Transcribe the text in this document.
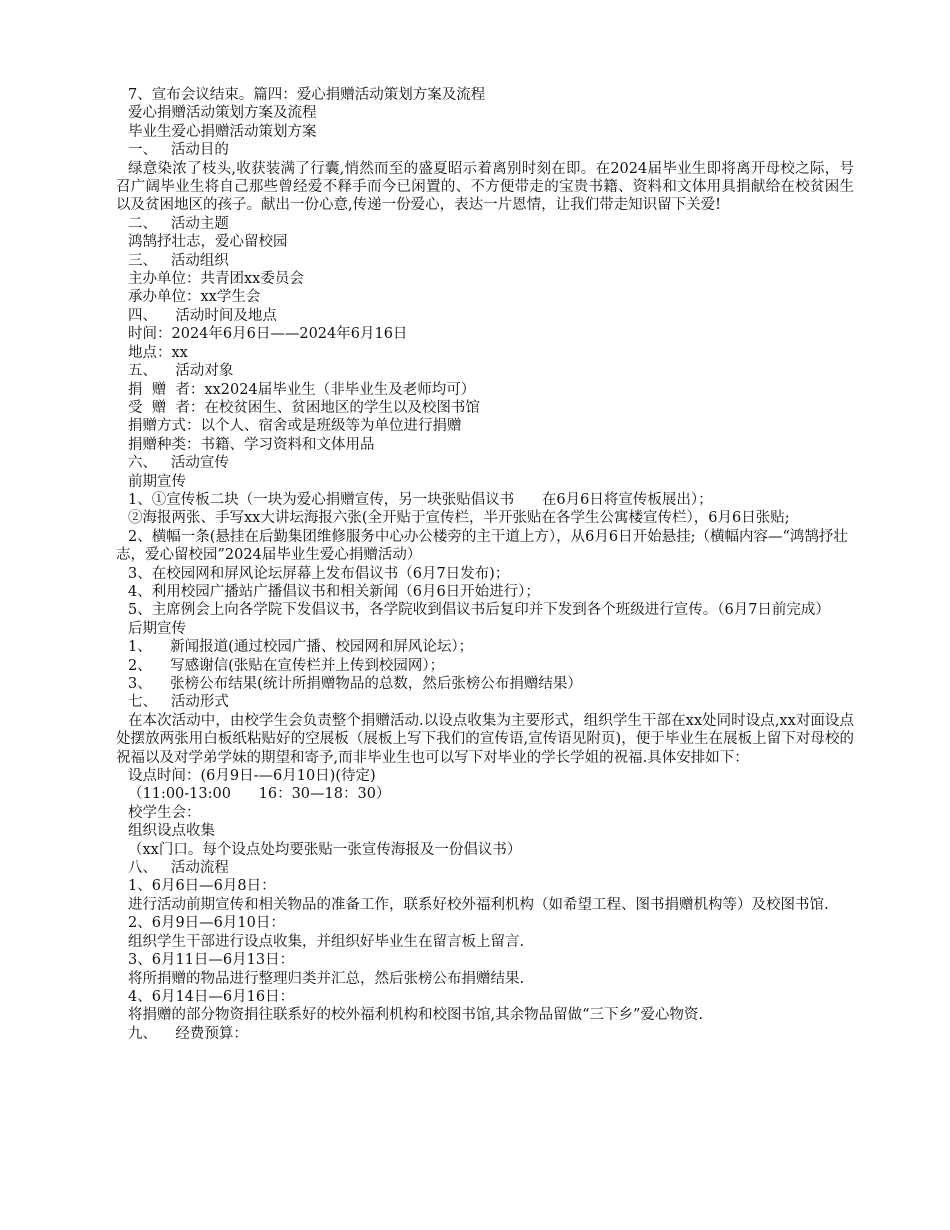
7、宣布会议结束。篇四：爱心捐赠活动策划方案及流程

爱心捐赠活动策划方案及流程

毕业生爱心捐赠活动策划方案

一、   活动目的

绿意染浓了枝头,收获装满了行囊,悄然而至的盛夏昭示着离别时刻在即。在2024届毕业生即将离开母校之际，号召广阔毕业生将自己那些曾经爱不释手而今已闲置的、不方便带走的宝贵书籍、资料和文体用具捐献给在校贫困生以及贫困地区的孩子。献出一份心意,传递一份爱心，表达一片恩情，让我们带走知识留下关爱!

二、   活动主题

鸿鹄抒壮志，爱心留校园

三、   活动组织

主办单位：共青团xx委员会

承办单位：xx学生会

四、    活动时间及地点

时间：2024年6月6日——2024年6月16日

地点：xx

五、    活动对象

捐  赠  者：xx2024届毕业生（非毕业生及老师均可）

受  赠  者：在校贫困生、贫困地区的学生以及校图书馆

捐赠方式：以个人、宿舍或是班级等为单位进行捐赠

捐赠种类：书籍、学习资料和文体用品

六、   活动宣传

前期宣传

1、①宣传板二块（一块为爱心捐赠宣传，另一块张贴倡议书      在6月6日将宣传板展出）；

②海报两张、手写xx大讲坛海报六张(全开贴于宣传栏，半开张贴在各学生公寓楼宣传栏），6月6日张贴;

2、横幅一条(悬挂在后勤集团维修服务中心办公楼旁的主干道上方），从6月6日开始悬挂;（横幅内容—“鸿鹄抒壮志，爱心留校园”2024届毕业生爱心捐赠活动）

3、在校园网和屏风论坛屏幕上发布倡议书（6月7日发布)；

4、利用校园广播站广播倡议书和相关新闻（6月6日开始进行）；

5、主席例会上向各学院下发倡议书，各学院收到倡议书后复印并下发到各个班级进行宣传。（6月7日前完成）

后期宣传

1、    新闻报道(通过校园广播、校园网和屏风论坛）；

2、    写感谢信(张贴在宣传栏并上传到校园网）；

3、    张榜公布结果(统计所捐赠物品的总数，然后张榜公布捐赠结果）

七、   活动形式

在本次活动中，由校学生会负责整个捐赠活动.以设点收集为主要形式，组织学生干部在xx处同时设点,xx对面设点处摆放两张用白板纸粘贴好的空展板（展板上写下我们的宣传语,宣传语见附页)，便于毕业生在展板上留下对母校的祝福以及对学弟学妹的期望和寄予,而非毕业生也可以写下对毕业的学长学姐的祝福.具体安排如下：

设点时间：(6月9日-—6月10日)(待定)

（11:00-13:00      16：30—18：30）

校学生会：

组织设点收集

（xx门口。每个设点处均要张贴一张宣传海报及一份倡议书）

八、   活动流程

1、6月6日—6月8日：

进行活动前期宣传和相关物品的准备工作，联系好校外福利机构（如希望工程、图书捐赠机构等）及校图书馆.

2、6月9日—6月10日：

组织学生干部进行设点收集，并组织好毕业生在留言板上留言.

3、6月11日—6月13日：

将所捐赠的物品进行整理归类并汇总，然后张榜公布捐赠结果.

4、6月14日—6月16日：

将捐赠的部分物资捐往联系好的校外福利机构和校图书馆,其余物品留做“三下乡”爱心物资.

九、    经费预算：
